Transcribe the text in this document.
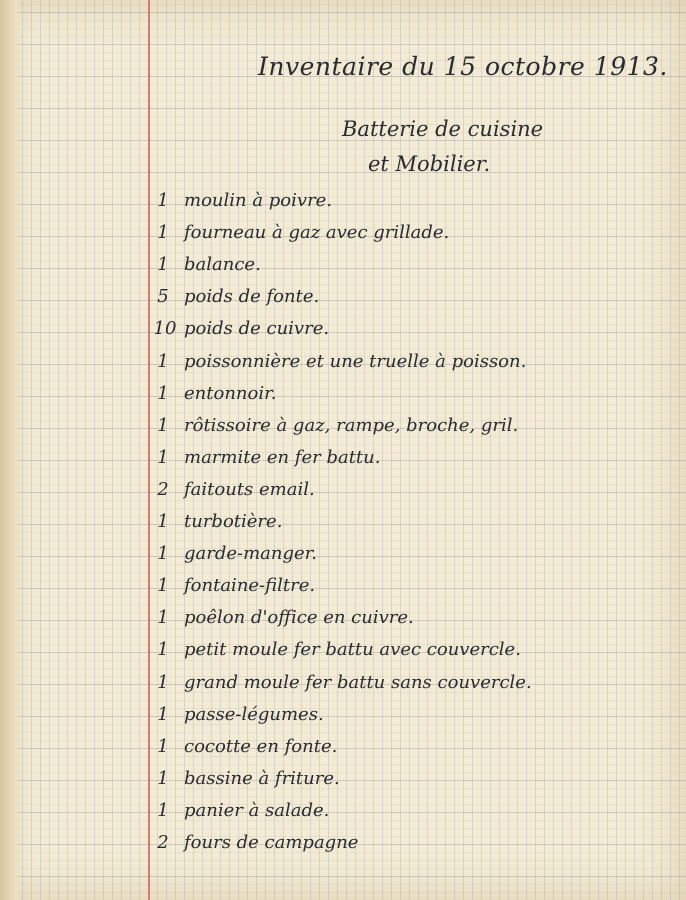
Inventaire du 15 octobre 1913.
Batterie de cuisine
et Mobilier.
1 moulin à poivre.
1 fourneau à gaz avec grillade.
1 balance.
5 poids de fonte.
10 poids de cuivre.
1 poissonnière et une truelle à poisson.
1 entonnoir.
1 rôtissoire à gaz, rampe, broche, gril.
1 marmite en fer battu.
2 faitouts email.
1 turbotière.
1 garde-manger.
1 fontaine-filtre.
1 poêlon d'office en cuivre.
1 petit moule fer battu avec couvercle.
1 grand moule fer battu sans couvercle.
1 passe-légumes.
1 cocotte en fonte.
1 bassine à friture.
1 panier à salade.
2 fours de campagne
